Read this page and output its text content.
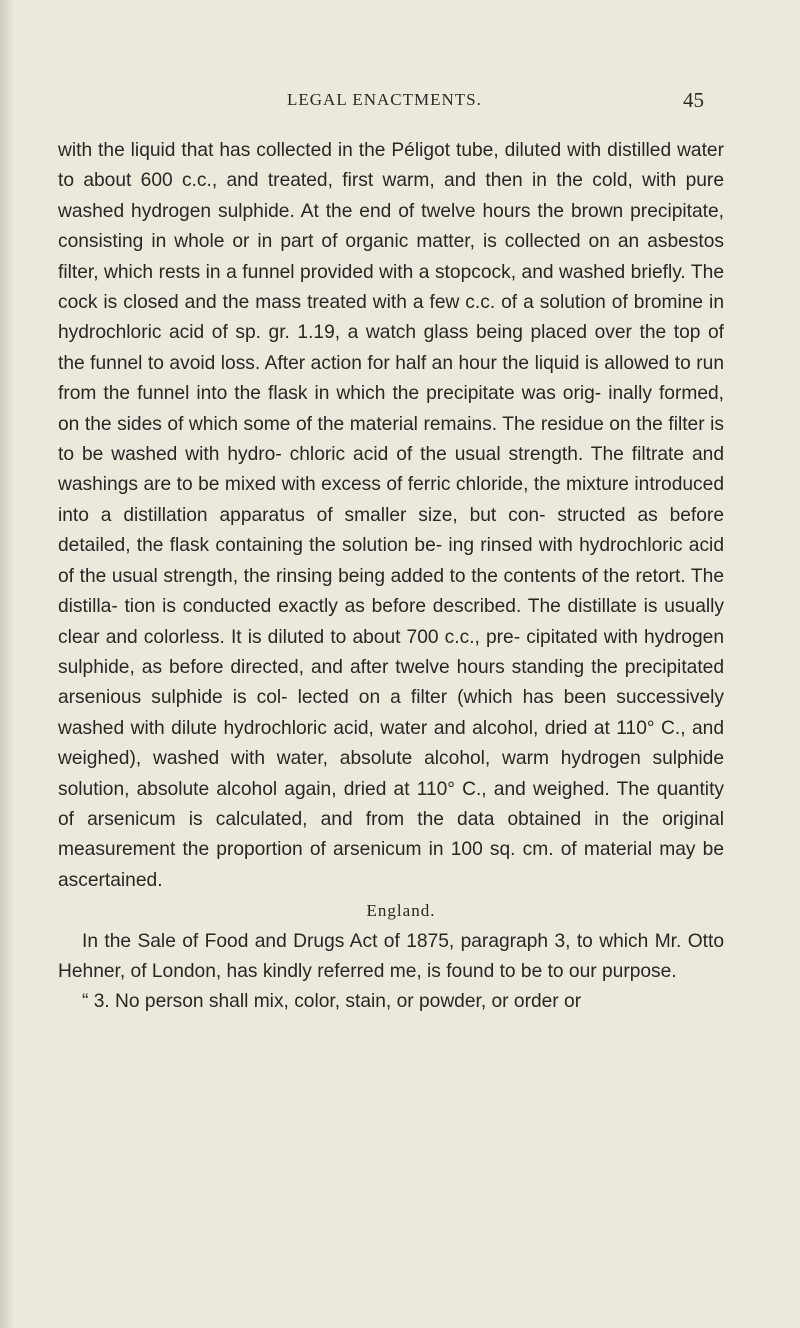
LEGAL ENACTMENTS.	45

with the liquid that has collected in the Péligot tube, diluted with distilled water to about 600 c.c., and treated, first warm, and then in the cold, with pure washed hydrogen sulphide. At the end of twelve hours the brown precipitate, consisting in whole or in part of organic matter, is collected on an asbestos filter, which rests in a funnel provided with a stopcock, and washed briefly. The cock is closed and the mass treated with a few c.c. of a solution of bromine in hydrochloric acid of sp. gr. 1.19, a watch glass being placed over the top of the funnel to avoid loss. After action for half an hour the liquid is allowed to run from the funnel into the flask in which the precipitate was orig- inally formed, on the sides of which some of the material remains. The residue on the filter is to be washed with hydro- chloric acid of the usual strength. The filtrate and washings are to be mixed with excess of ferric chloride, the mixture introduced into a distillation apparatus of smaller size, but con- structed as before detailed, the flask containing the solution be- ing rinsed with hydrochloric acid of the usual strength, the rinsing being added to the contents of the retort. The distilla- tion is conducted exactly as before described. The distillate is usually clear and colorless. It is diluted to about 700 c.c., pre- cipitated with hydrogen sulphide, as before directed, and after twelve hours standing the precipitated arsenious sulphide is col- lected on a filter (which has been successively washed with dilute hydrochloric acid, water and alcohol, dried at 110° C., and weighed), washed with water, absolute alcohol, warm hydrogen sulphide solution, absolute alcohol again, dried at 110° C., and weighed. The quantity of arsenicum is calculated, and from the data obtained in the original measurement the proportion of arsenicum in 100 sq. cm. of material may be ascertained.

England.

In the Sale of Food and Drugs Act of 1875, paragraph 3, to which Mr. Otto Hehner, of London, has kindly referred me, is found to be to our purpose.

“ 3. No person shall mix, color, stain, or powder, or order or
